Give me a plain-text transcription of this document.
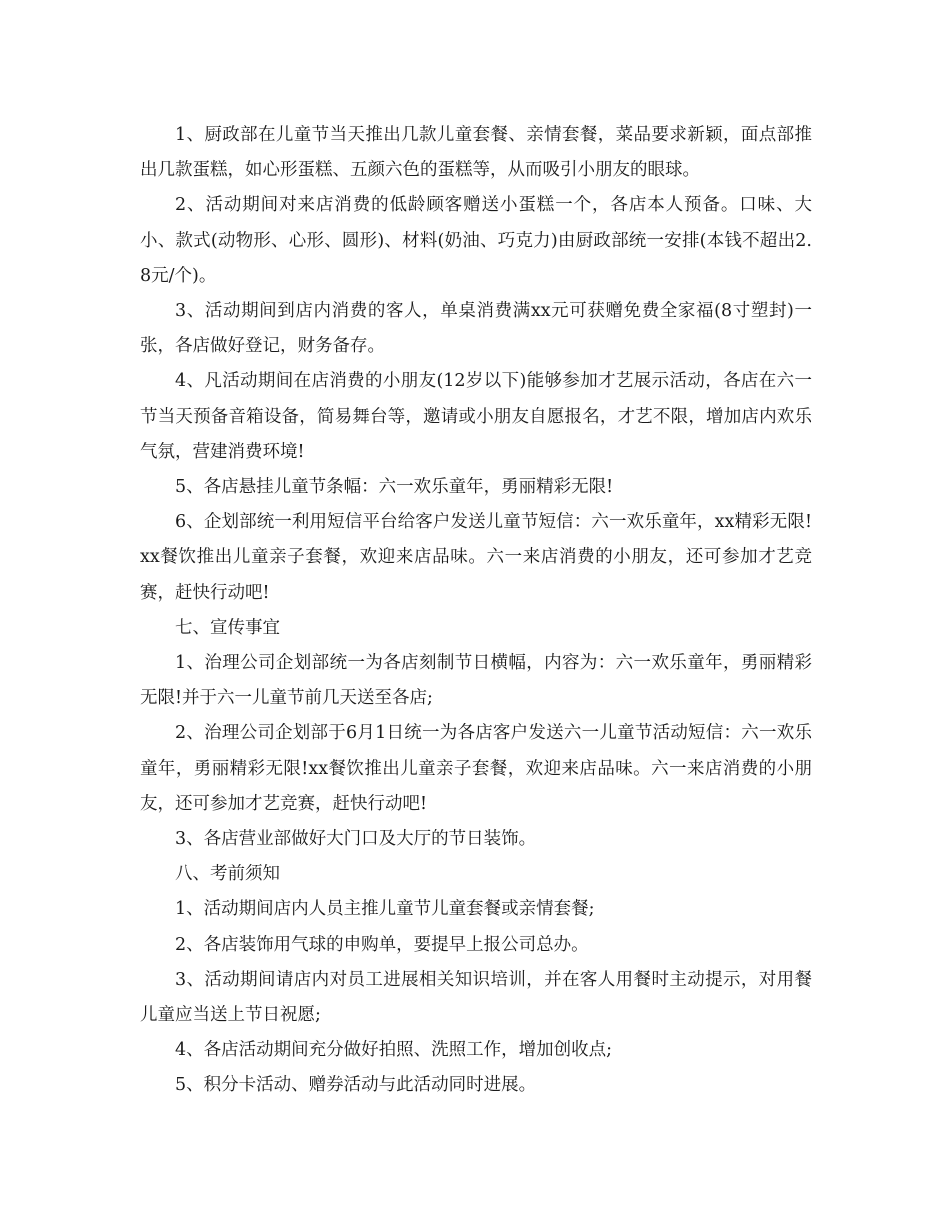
1、厨政部在儿童节当天推出几款儿童套餐、亲情套餐，菜品要求新颖，面点部推出几款蛋糕，如心形蛋糕、五颜六色的蛋糕等，从而吸引小朋友的眼球。

2、活动期间对来店消费的低龄顾客赠送小蛋糕一个，各店本人预备。口味、大小、款式(动物形、心形、圆形)、材料(奶油、巧克力)由厨政部统一安排(本钱不超出2.8元/个)。

3、活动期间到店内消费的客人，单桌消费满xx元可获赠免费全家福(8寸塑封)一张，各店做好登记，财务备存。

4、凡活动期间在店消费的小朋友(12岁以下)能够参加才艺展示活动，各店在六一节当天预备音箱设备，简易舞台等，邀请或小朋友自愿报名，才艺不限，增加店内欢乐气氛，营建消费环境!

5、各店悬挂儿童节条幅：六一欢乐童年，勇丽精彩无限!

6、企划部统一利用短信平台给客户发送儿童节短信：六一欢乐童年，xx精彩无限!xx餐饮推出儿童亲子套餐，欢迎来店品味。六一来店消费的小朋友，还可参加才艺竞赛，赶快行动吧!

七、宣传事宜

1、治理公司企划部统一为各店刻制节日横幅，内容为：六一欢乐童年，勇丽精彩无限!并于六一儿童节前几天送至各店;

2、治理公司企划部于6月1日统一为各店客户发送六一儿童节活动短信：六一欢乐童年，勇丽精彩无限!xx餐饮推出儿童亲子套餐，欢迎来店品味。六一来店消费的小朋友，还可参加才艺竞赛，赶快行动吧!

3、各店营业部做好大门口及大厅的节日装饰。

八、考前须知

1、活动期间店内人员主推儿童节儿童套餐或亲情套餐;

2、各店装饰用气球的申购单，要提早上报公司总办。

3、活动期间请店内对员工进展相关知识培训，并在客人用餐时主动提示，对用餐儿童应当送上节日祝愿;

4、各店活动期间充分做好拍照、洗照工作，增加创收点;

5、积分卡活动、赠券活动与此活动同时进展。
